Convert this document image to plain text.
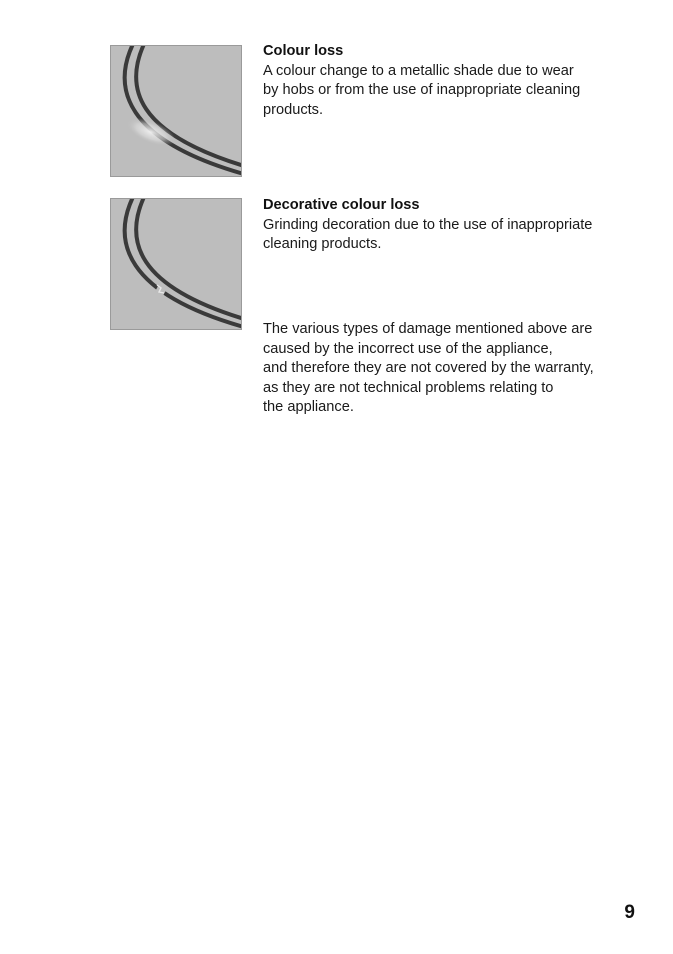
Colour loss
A colour change to a metallic shade due to wear
by hobs or from the use of inappropriate cleaning
products.
Decorative colour loss
Grinding decoration due to the use of inappropriate
cleaning products.
The various types of damage mentioned above are
caused by the incorrect use of the appliance,
and therefore they are not covered by the warranty,
as they are not technical problems relating to
the appliance.
9
